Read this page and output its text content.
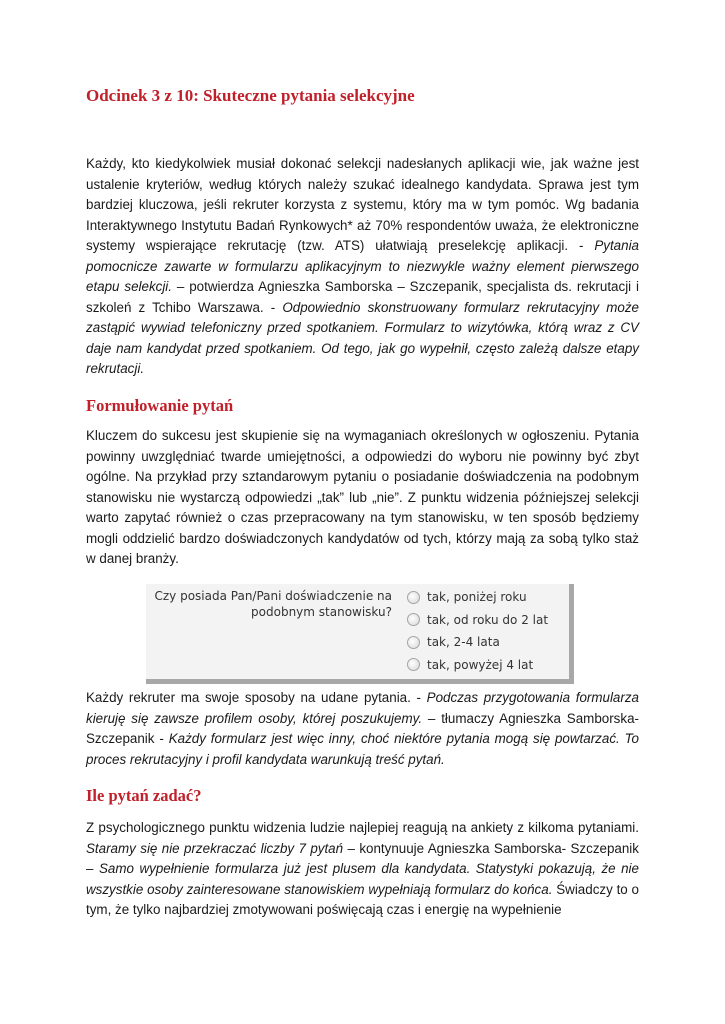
Odcinek 3 z 10: Skuteczne pytania selekcyjne

Każdy, kto kiedykolwiek musiał dokonać selekcji nadesłanych aplikacji wie, jak ważne jest ustalenie kryteriów, według których należy szukać idealnego kandydata. Sprawa jest tym bardziej kluczowa, jeśli rekruter korzysta z systemu, który ma w tym pomóc. Wg badania Interaktywnego Instytutu Badań Rynkowych* aż 70% respondentów uważa, że elektroniczne systemy wspierające rekrutację (tzw. ATS) ułatwiają preselekcję aplikacji. - Pytania pomocnicze zawarte w formularzu aplikacyjnym to niezwykle ważny element pierwszego etapu selekcji. – potwierdza Agnieszka Samborska – Szczepanik, specjalista ds. rekrutacji i szkoleń z Tchibo Warszawa. - Odpowiednio skonstruowany formularz rekrutacyjny może zastąpić wywiad telefoniczny przed spotkaniem. Formularz to wizytówka, którą wraz z CV daje nam kandydat przed spotkaniem. Od tego, jak go wypełnił, często zależą dalsze etapy rekrutacji.

Formułowanie pytań

Kluczem do sukcesu jest skupienie się na wymaganiach określonych w ogłoszeniu. Pytania powinny uwzględniać twarde umiejętności, a odpowiedzi do wyboru nie powinny być zbyt ogólne. Na przykład przy sztandarowym pytaniu o posiadanie doświadczenia na podobnym stanowisku nie wystarczą odpowiedzi „tak” lub „nie”. Z punktu widzenia późniejszej selekcji warto zapytać również o czas przepracowany na tym stanowisku, w ten sposób będziemy mogli oddzielić bardzo doświadczonych kandydatów od tych, którzy mają za sobą tylko staż w danej branży.

Czy posiada Pan/Pani doświadczenie na
podobnym stanowisku?
tak, poniżej roku
tak, od roku do 2 lat
tak, 2-4 lata
tak, powyżej 4 lat

Każdy rekruter ma swoje sposoby na udane pytania. - Podczas przygotowania formularza kieruję się zawsze profilem osoby, której poszukujemy. – tłumaczy Agnieszka Samborska-Szczepanik - Każdy formularz jest więc inny, choć niektóre pytania mogą się powtarzać. To proces rekrutacyjny i profil kandydata warunkują treść pytań.

Ile pytań zadać?

Z psychologicznego punktu widzenia ludzie najlepiej reagują na ankiety z kilkoma pytaniami. Staramy się nie przekraczać liczby 7 pytań – kontynuuje Agnieszka Samborska- Szczepanik – Samo wypełnienie formularza już jest plusem dla kandydata. Statystyki pokazują, że nie wszystkie osoby zainteresowane stanowiskiem wypełniają formularz do końca. Świadczy to o tym, że tylko najbardziej zmotywowani poświęcają czas i energię na wypełnienie
